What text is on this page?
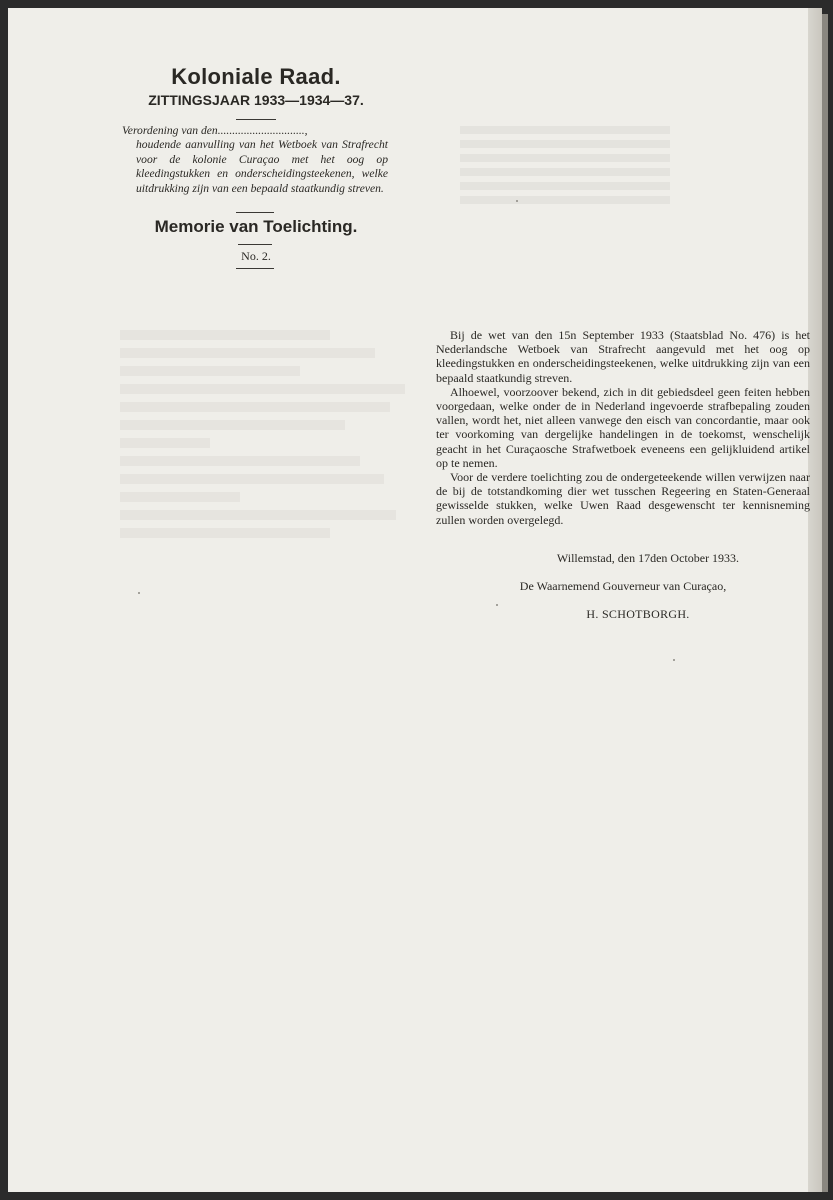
Koloniale Raad.
ZITTINGSJAAR 1933—1934—37.
Verordening van den..............................,
houdende aanvulling van het Wetboek van Strafrecht voor de kolonie Curaçao met het oog op kleedingstukken en onderscheidingsteekenen, welke uitdrukking zijn van een bepaald staatkundig streven.
Memorie van Toelichting.
No. 2.

Bij de wet van den 15n September 1933 (Staatsblad No. 476) is het Nederlandsche Wetboek van Strafrecht aangevuld met het oog op kleedingstukken en onderscheidingsteekenen, welke uitdrukking zijn van een bepaald staatkundig streven.

Alhoewel, voorzoover bekend, zich in dit gebiedsdeel geen feiten hebben voorgedaan, welke onder de in Nederland ingevoerde strafbepaling zouden vallen, wordt het, niet alleen vanwege den eisch van concordantie, maar ook ter voorkoming van dergelijke handelingen in de toekomst, wenschelijk geacht in het Curaçaosche Strafwetboek eveneens een gelijkluidend artikel op te nemen.

Voor de verdere toelichting zou de ondergeteekende willen verwijzen naar de bij de totstandkoming dier wet tusschen Regeering en Staten-Generaal gewisselde stukken, welke Uwen Raad desgewenscht ter kennisneming zullen worden overgelegd.

Willemstad, den 17den October 1933.
De Waarnemend Gouverneur van Curaçao,
H. SCHOTBORGH.
